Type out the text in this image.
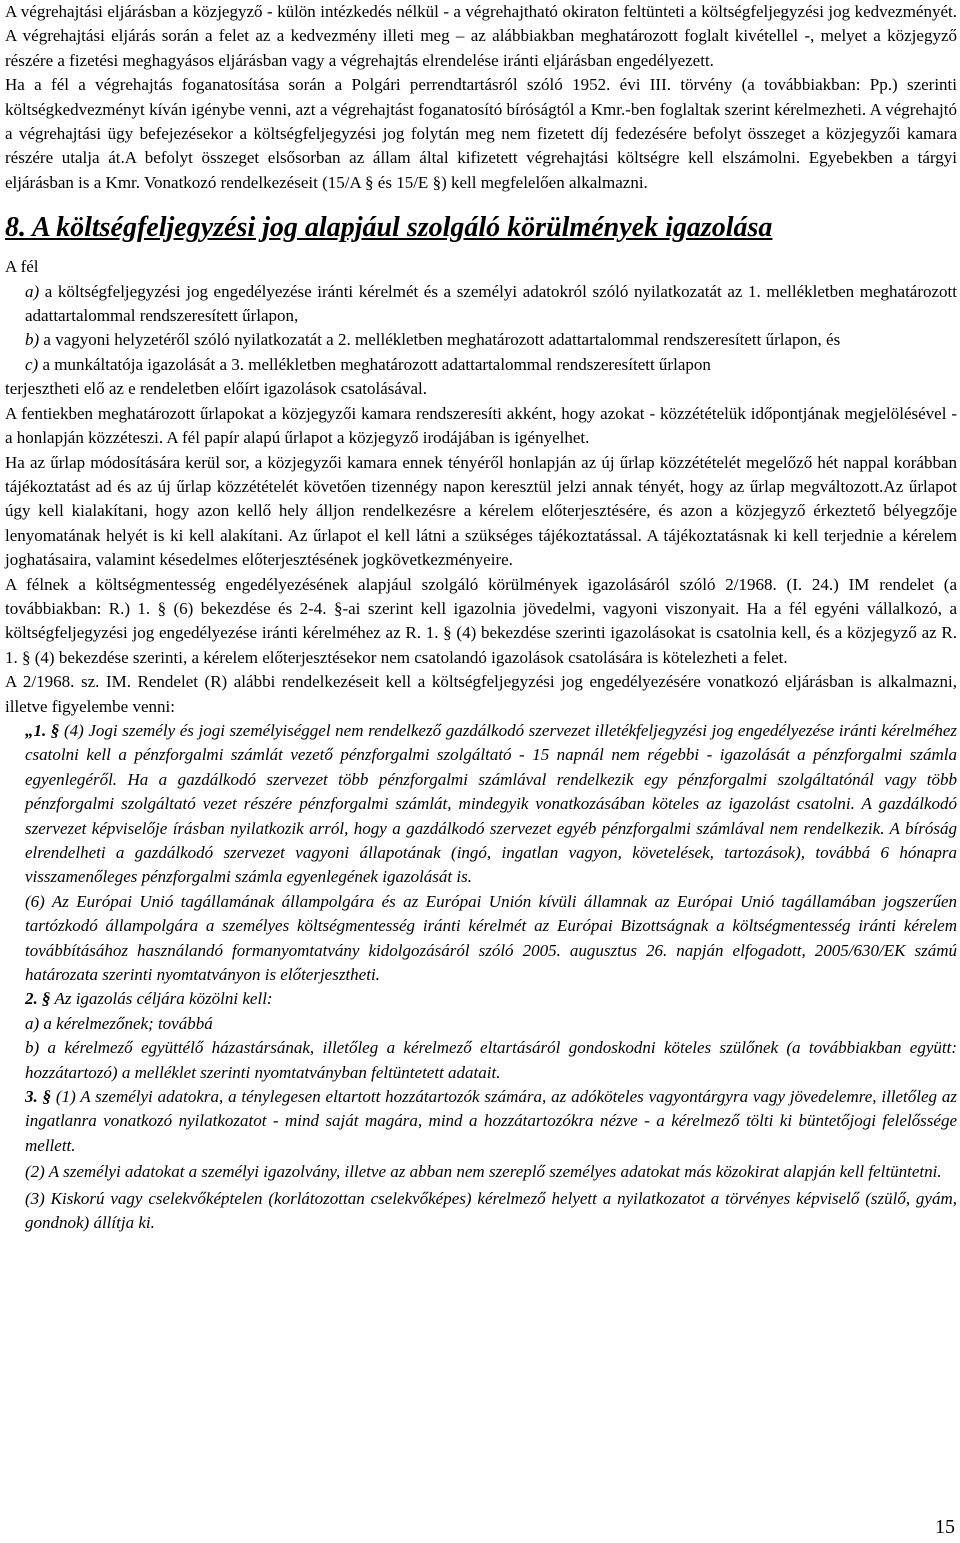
A végrehajtási eljárásban a közjegyző - külön intézkedés nélkül - a végrehajtható okiraton feltünteti a költségfeljegyzési jog kedvezményét. A végrehajtási eljárás során a felet az a kedvezmény illeti meg – az alábbiakban meghatározott foglalt kivétellel -, melyet a közjegyző részére a fizetési meghagyásos eljárásban vagy a végrehajtás elrendelése iránti eljárásban engedélyezett.

Ha a fél a végrehajtás foganatosítása során a Polgári perrendtartásról szóló 1952. évi III. törvény (a továbbiakban: Pp.) szerinti költségkedvezményt kíván igénybe venni, azt a végrehajtást foganatosító bíróságtól a Kmr.-ben foglaltak szerint kérelmezheti. A végrehajtó a végrehajtási ügy befejezésekor a költségfeljegyzési jog folytán meg nem fizetett díj fedezésére befolyt összeget a közjegyzői kamara részére utalja át.A befolyt összeget elsősorban az állam által kifizetett végrehajtási költségre kell elszámolni. Egyebekben a tárgyi eljárásban is a Kmr. Vonatkozó rendelkezéseit (15/A § és 15/E §) kell megfelelően alkalmazni.

8. A költségfeljegyzési jog alapjául szolgáló körülmények igazolása

A fél

a) a költségfeljegyzési jog engedélyezése iránti kérelmét és a személyi adatokról szóló nyilatkozatát az 1. mellékletben meghatározott adattartalommal rendszeresített űrlapon,

b) a vagyoni helyzetéről szóló nyilatkozatát a 2. mellékletben meghatározott adattartalommal rendszeresített űrlapon, és

c) a munkáltatója igazolását a 3. mellékletben meghatározott adattartalommal rendszeresített űrlapon

terjesztheti elő az e rendeletben előírt igazolások csatolásával.

A fentiekben meghatározott űrlapokat a közjegyzői kamara rendszeresíti akként, hogy azokat - közzétételük időpontjának megjelölésével - a honlapján közzéteszi. A fél papír alapú űrlapot a közjegyző irodájában is igényelhet.

Ha az űrlap módosítására kerül sor, a közjegyzői kamara ennek tényéről honlapján az új űrlap közzétételét megelőző hét nappal korábban tájékoztatást ad és az új űrlap közzétételét követően tizennégy napon keresztül jelzi annak tényét, hogy az űrlap megváltozott.Az űrlapot úgy kell kialakítani, hogy azon kellő hely álljon rendelkezésre a kérelem előterjesztésére, és azon a közjegyző érkeztető bélyegzője lenyomatának helyét is ki kell alakítani. Az űrlapot el kell látni a szükséges tájékoztatással. A tájékoztatásnak ki kell terjednie a kérelem joghatásaira, valamint késedelmes előterjesztésének jogkövetkezményeire.

A félnek a költségmentesség engedélyezésének alapjául szolgáló körülmények igazolásáról szóló 2/1968. (I. 24.) IM rendelet (a továbbiakban: R.) 1. § (6) bekezdése és 2-4. §-ai szerint kell igazolnia jövedelmi, vagyoni viszonyait. Ha a fél egyéni vállalkozó, a költségfeljegyzési jog engedélyezése iránti kérelméhez az R. 1. § (4) bekezdése szerinti igazolásokat is csatolnia kell, és a közjegyző az R. 1. § (4) bekezdése szerinti, a kérelem előterjesztésekor nem csatolandó igazolások csatolására is kötelezheti a felet.

A 2/1968. sz. IM. Rendelet (R) alábbi rendelkezéseit kell a költségfeljegyzési jog engedélyezésére vonatkozó eljárásban is alkalmazni, illetve figyelembe venni:

„1. § (4) Jogi személy és jogi személyiséggel nem rendelkező gazdálkodó szervezet illetékfeljegyzési jog engedélyezése iránti kérelméhez csatolni kell a pénzforgalmi számlát vezető pénzforgalmi szolgáltató - 15 napnál nem régebbi - igazolását a pénzforgalmi számla egyenlegéről. Ha a gazdálkodó szervezet több pénzforgalmi számlával rendelkezik egy pénzforgalmi szolgáltatónál vagy több pénzforgalmi szolgáltató vezet részére pénzforgalmi számlát, mindegyik vonatkozásában köteles az igazolást csatolni. A gazdálkodó szervezet képviselője írásban nyilatkozik arról, hogy a gazdálkodó szervezet egyéb pénzforgalmi számlával nem rendelkezik. A bíróság elrendelheti a gazdálkodó szervezet vagyoni állapotának (ingó, ingatlan vagyon, követelések, tartozások), továbbá 6 hónapra visszamenőleges pénzforgalmi számla egyenlegének igazolását is.

(6) Az Európai Unió tagállamának állampolgára és az Európai Unión kívüli államnak az Európai Unió tagállamában jogszerűen tartózkodó állampolgára a személyes költségmentesség iránti kérelmét az Európai Bizottságnak a költségmentesség iránti kérelem továbbításához használandó formanyomtatvány kidolgozásáról szóló 2005. augusztus 26. napján elfogadott, 2005/630/EK számú határozata szerinti nyomtatványon is előterjesztheti.

2. § Az igazolás céljára közölni kell:

a) a kérelmezőnek; továbbá

b) a kérelmező együttélő házastársának, illetőleg a kérelmező eltartásáról gondoskodni köteles szülőnek (a továbbiakban együtt: hozzátartozó) a melléklet szerinti nyomtatványban feltüntetett adatait.

3. § (1) A személyi adatokra, a ténylegesen eltartott hozzátartozók számára, az adóköteles vagyontárgyra vagy jövedelemre, illetőleg az ingatlanra vonatkozó nyilatkozatot - mind saját magára, mind a hozzátartozókra nézve - a kérelmező tölti ki büntetőjogi felelőssége mellett.

(2) A személyi adatokat a személyi igazolvány, illetve az abban nem szereplő személyes adatokat más közokirat alapján kell feltüntetni.

(3) Kiskorú vagy cselekvőképtelen (korlátozottan cselekvőképes) kérelmező helyett a nyilatkozatot a törvényes képviselő (szülő, gyám, gondnok) állítja ki.

15
